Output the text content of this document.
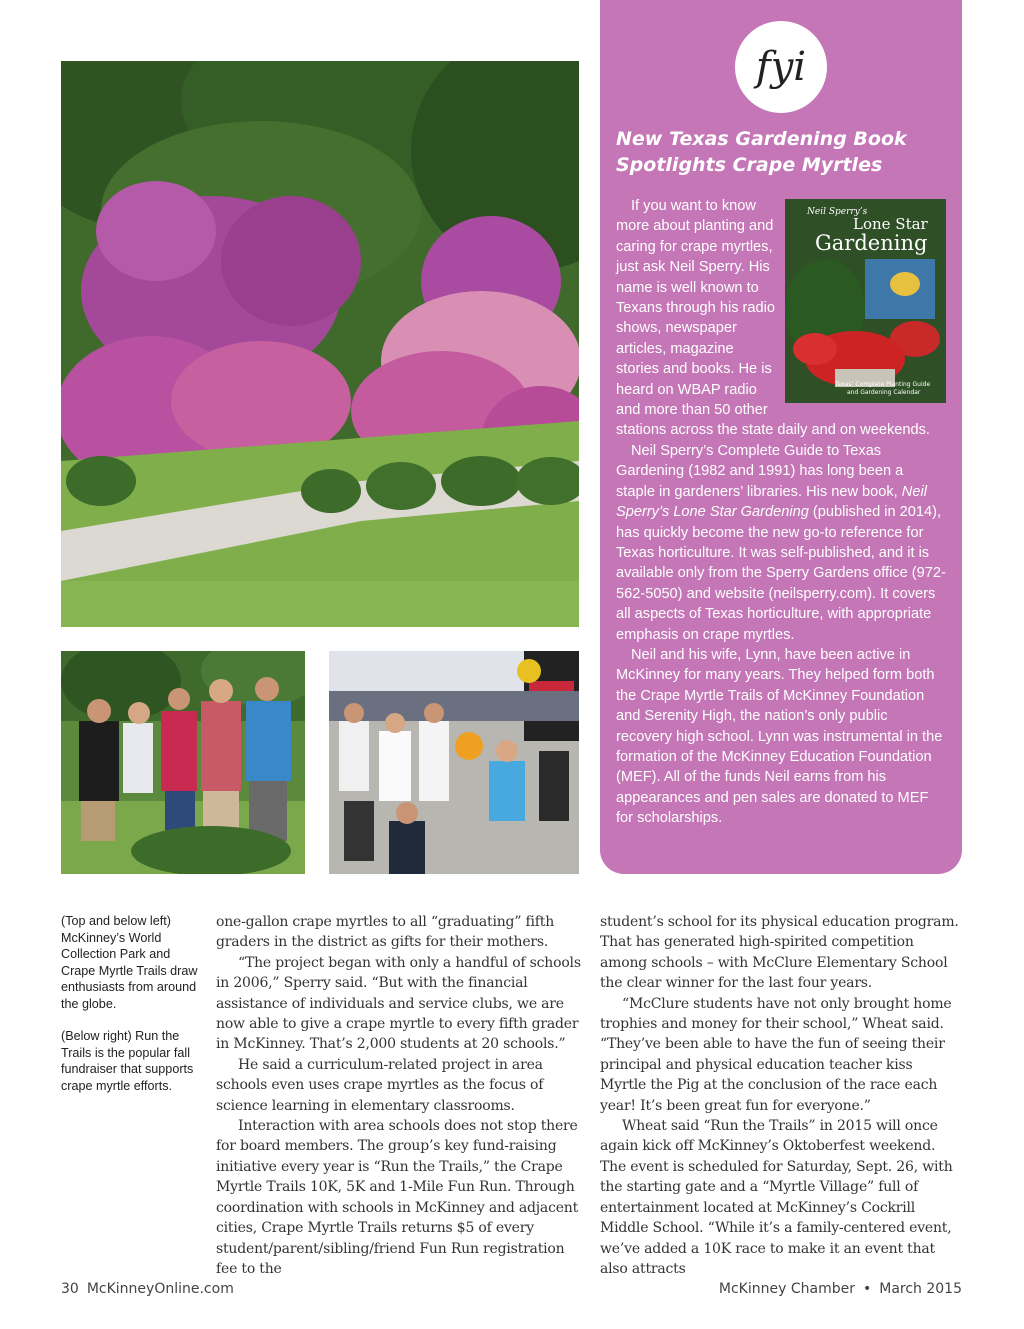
fyi
New Texas Gardening Book
Spotlights Crape Myrtles
Neil Sperry’s
Lone Star
Gardening
Texas’ Complete Planting Guide
and Gardening Calendar

If you want to know more about planting and caring for crape myrtles, just ask Neil Sperry. His name is well known to Texans through his radio shows, newspaper articles, magazine stories and books. He is heard on WBAP radio and more than 50 other stations across the state daily and on weekends.

Neil Sperry’s Complete Guide to Texas Gardening (1982 and 1991) has long been a staple in gardeners’ libraries. His new book, Neil Sperry’s Lone Star Gardening (published in 2014), has quickly become the new go-to reference for Texas horticulture. It was self-published, and it is available only from the Sperry Gardens office (972-562-5050) and website (neilsperry.com). It covers all aspects of Texas horticulture, with appropriate emphasis on crape myrtles.

Neil and his wife, Lynn, have been active in McKinney for many years. They helped form both the Crape Myrtle Trails of McKinney Foundation and Serenity High, the nation’s only public recovery high school. Lynn was instrumental in the formation of the McKinney Education Foundation (MEF). All of the funds Neil earns from his appearances and pen sales are donated to MEF for scholarships.

(Top and below left) McKinney’s World Collection Park and Crape Myrtle Trails draw enthusiasts from around the globe.

(Below right) Run the Trails is the popular fall fundraiser that supports crape myrtle efforts.

one-gallon crape myrtles to all “graduating” fifth graders in the district as gifts for their mothers.

“The project began with only a handful of schools in 2006,” Sperry said. “But with the financial assistance of individuals and service clubs, we are now able to give a crape myrtle to every fifth grader in McKinney. That’s 2,000 students at 20 schools.”

He said a curriculum-related project in area schools even uses crape myrtles as the focus of science learning in elementary classrooms.

Interaction with area schools does not stop there for board members. The group’s key fund-raising initiative every year is “Run the Trails,” the Crape Myrtle Trails 10K, 5K and 1-Mile Fun Run. Through coordination with schools in McKinney and adjacent cities, Crape Myrtle Trails returns $5 of every student/parent/sibling/friend Fun Run registration fee to the

student’s school for its physical education program. That has generated high-spirited competition among schools – with McClure Elementary School the clear winner for the last four years.

“McClure students have not only brought home trophies and money for their school,” Wheat said. “They’ve been able to have the fun of seeing their principal and physical education teacher kiss Myrtle the Pig at the conclusion of the race each year! It’s been great fun for everyone.”

Wheat said “Run the Trails” in 2015 will once again kick off McKinney’s Oktoberfest weekend. The event is scheduled for Saturday, Sept. 26, with the starting gate and a “Myrtle Village” full of entertainment located at McKinney’s Cockrill Middle School. “While it’s a family-centered event, we’ve added a 10K race to make it an event that also attracts

30 McKinneyOnline.com	McKinney Chamber • March 2015
